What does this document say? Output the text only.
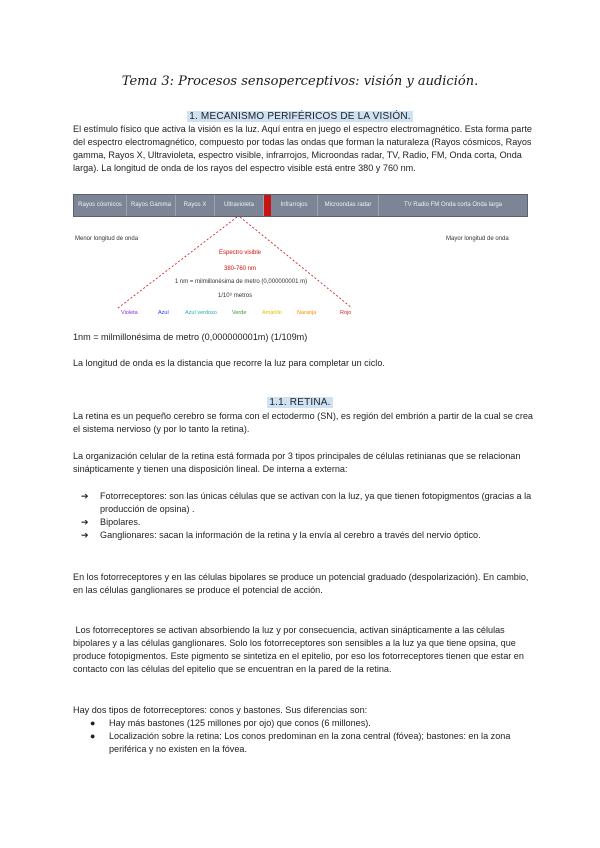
Tema 3: Procesos sensoperceptivos: visión y audición.
1. MECANISMO PERIFÉRICOS DE LA VISIÓN.
El estímulo físico que activa la visión es la luz. Aquí entra en juego el espectro electromagnético. Esta forma parte del espectro electromagnético, compuesto por todas las ondas que forman la naturaleza (Rayos cósmicos, Rayos gamma, Rayos X, Ultravioleta, espectro visible, infrarrojos, Microondas radar, TV, Radio, FM, Onda corta, Onda larga). La longitud de onda de los rayos del espectro visible está entre 380 y 760 nm.
Rayos cósmicos	Rayos Gamma	Rayos X	Ultravioleta	Infrarrojos	Microondas radar	TV Radio FM Onda corta Onda larga
Menor longitud de onda	Mayor longitud de onda
Espectro visible
380-760 nm
1 nm = milmillonésima de metro (0,000000001 m)
1/10⁹ metros
Violeta	Azul	Azul verdoso	Verde	Amarillo	Naranja	Rojo
1nm = milmillonésima de metro (0,000000001m) (1/109m)
La longitud de onda es la distancia que recorre la luz para completar un ciclo.
1.1. RETINA.
La retina es un pequeño cerebro se forma con el ectodermo (SN), es región del embrión a partir de la cual se crea el sistema nervioso (y por lo tanto la retina).
La organización celular de la retina está formada por 3 tipos principales de células retinianas que se relacionan sinápticamente y tienen una disposición lineal. De interna a externa:
➔ Fotorreceptores: son las únicas células que se activan con la luz, ya que tienen fotopigmentos (gracias a la producción de opsina) .
➔ Bipolares.
➔ Ganglionares: sacan la información de la retina y la envía al cerebro a través del nervio óptico.
En los fotorreceptores y en las células bipolares se produce un potencial graduado (despolarización). En cambio, en las células ganglionares se produce el potencial de acción.
Los fotorreceptores se activan absorbiendo la luz y por consecuencia, activan sinápticamente a las células bipolares y a las células ganglionares. Solo los fotorreceptores son sensibles a la luz ya que tiene opsina, que produce fotopigmentos. Este pigmento se sintetiza en el epitelio, por eso los fotorreceptores tienen que estar en contacto con las células del epitelio que se encuentran en la pared de la retina.
Hay dos tipos de fotorreceptores: conos y bastones. Sus diferencias son:
● Hay más bastones (125 millones por ojo) que conos (6 millones).
● Localización sobre la retina: Los conos predominan en la zona central (fóvea); bastones: en la zona periférica y no existen en la fóvea.
